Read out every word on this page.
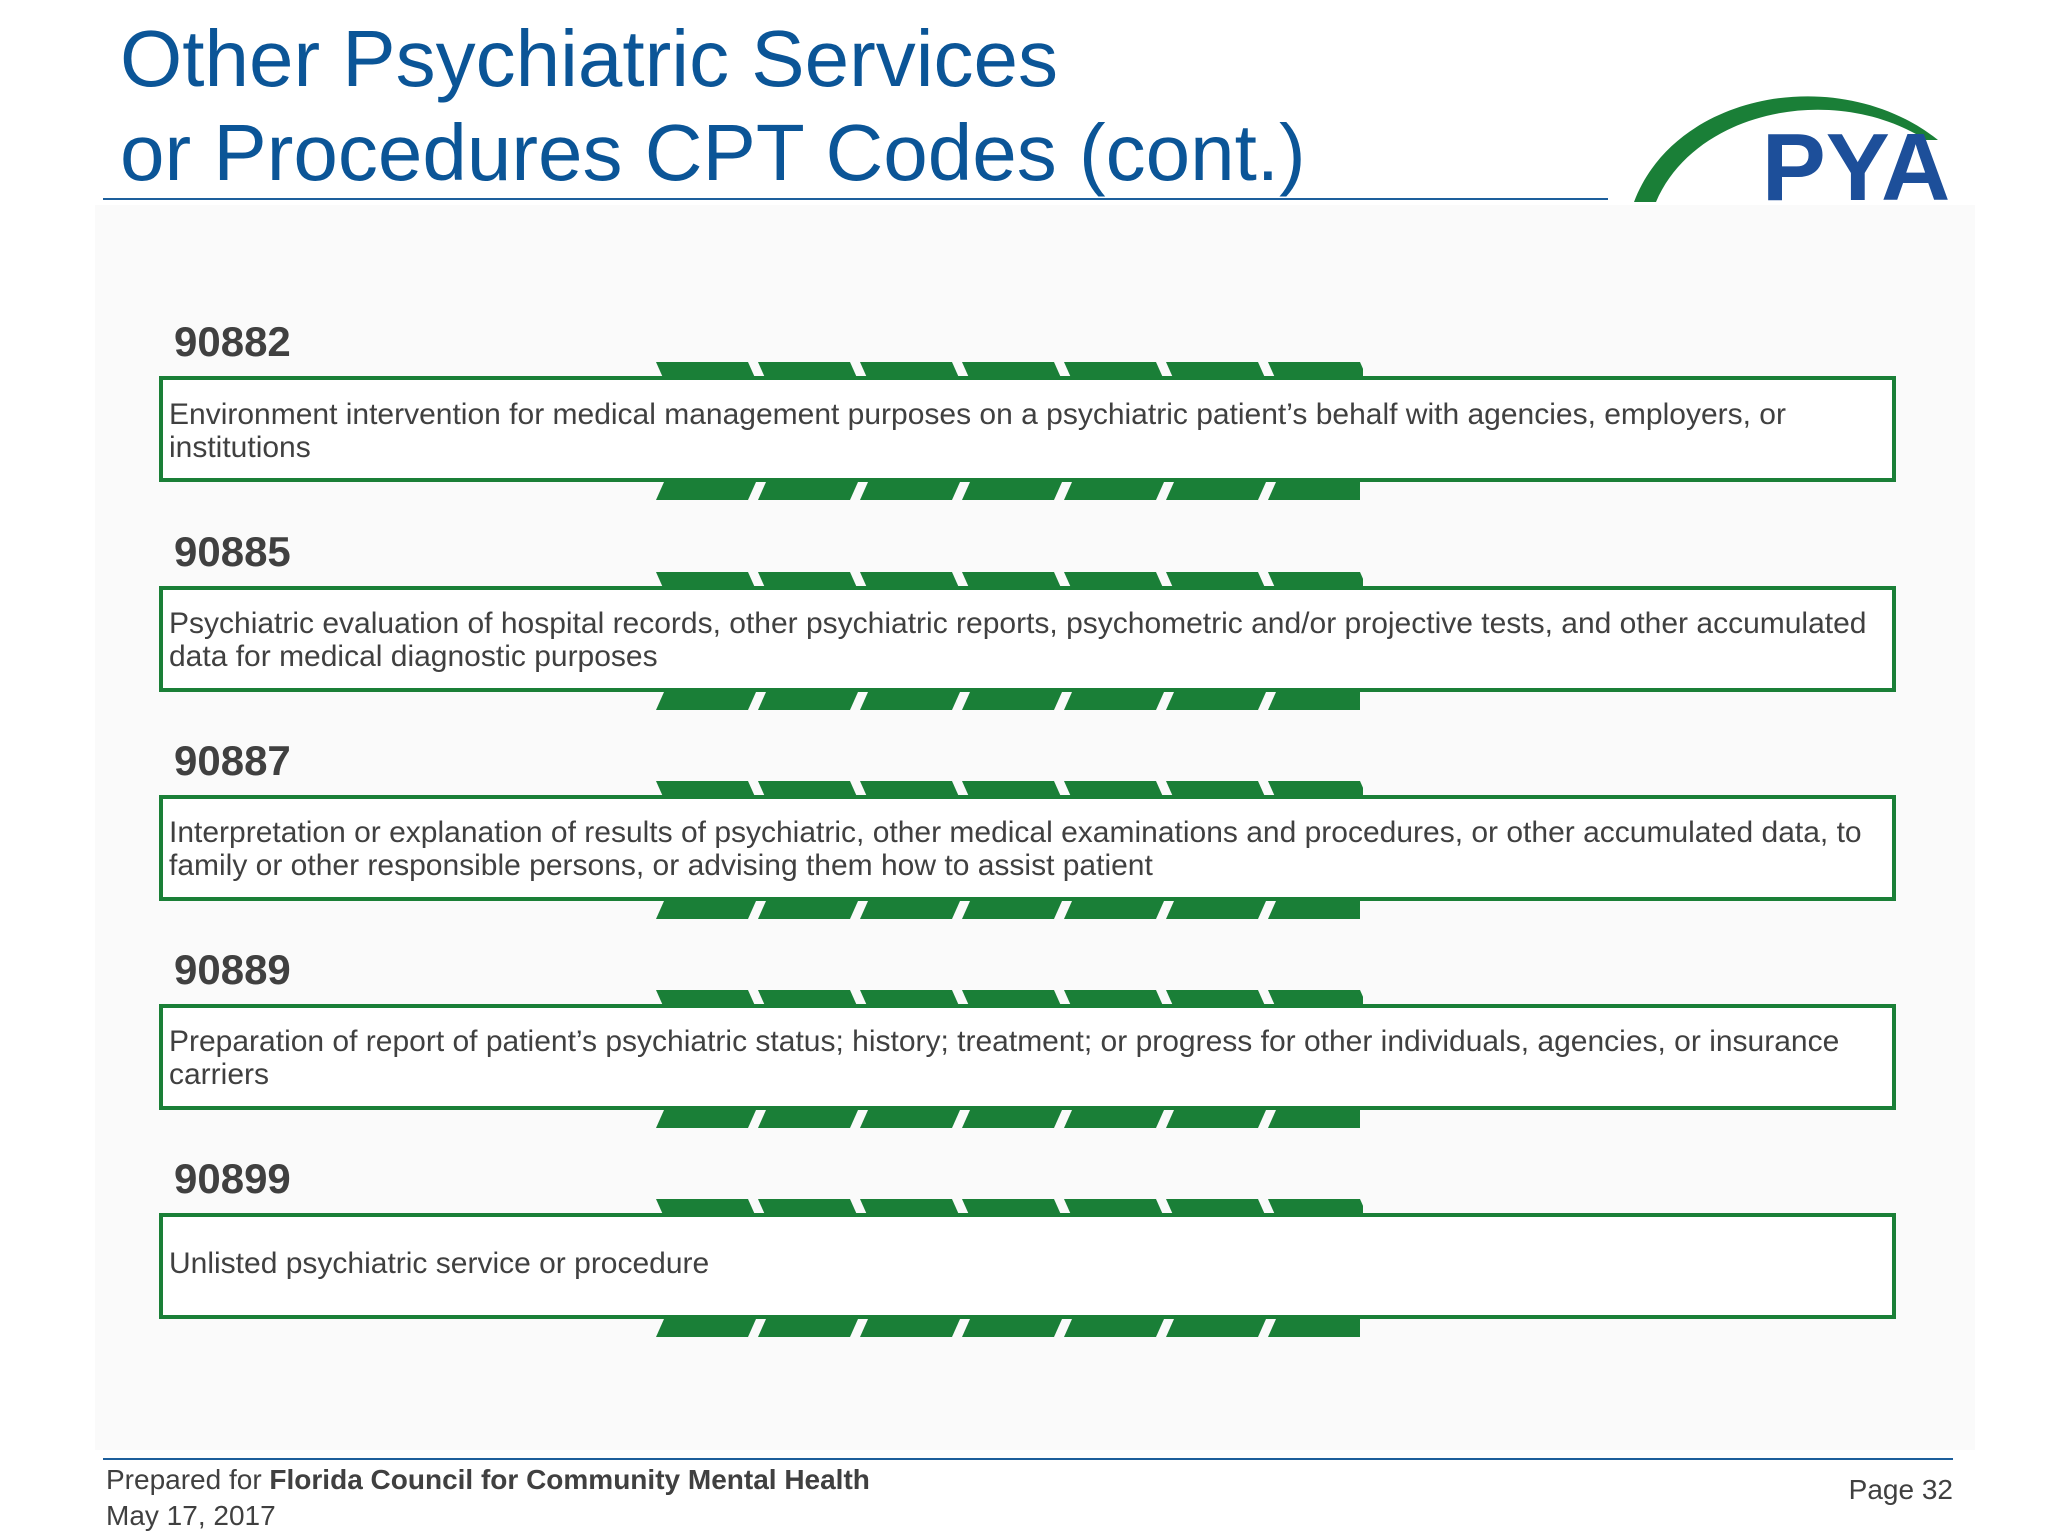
Other Psychiatric Services
or Procedures CPT Codes (cont.)	PYA
90882

Environment intervention for medical management purposes on a psychiatric patient’s behalf with agencies, employers, or institutions

90885

Psychiatric evaluation of hospital records, other psychiatric reports, psychometric and/or projective tests, and other accumulated data for medical diagnostic purposes

90887

Interpretation or explanation of results of psychiatric, other medical examinations and procedures, or other accumulated data, to family or other responsible persons, or advising them how to assist patient

90889

Preparation of report of patient’s psychiatric status; history; treatment; or progress for other individuals, agencies, or insurance carriers

90899

Unlisted psychiatric service or procedure

Prepared for Florida Council for Community Mental Health

May 17, 2017

Page 32
